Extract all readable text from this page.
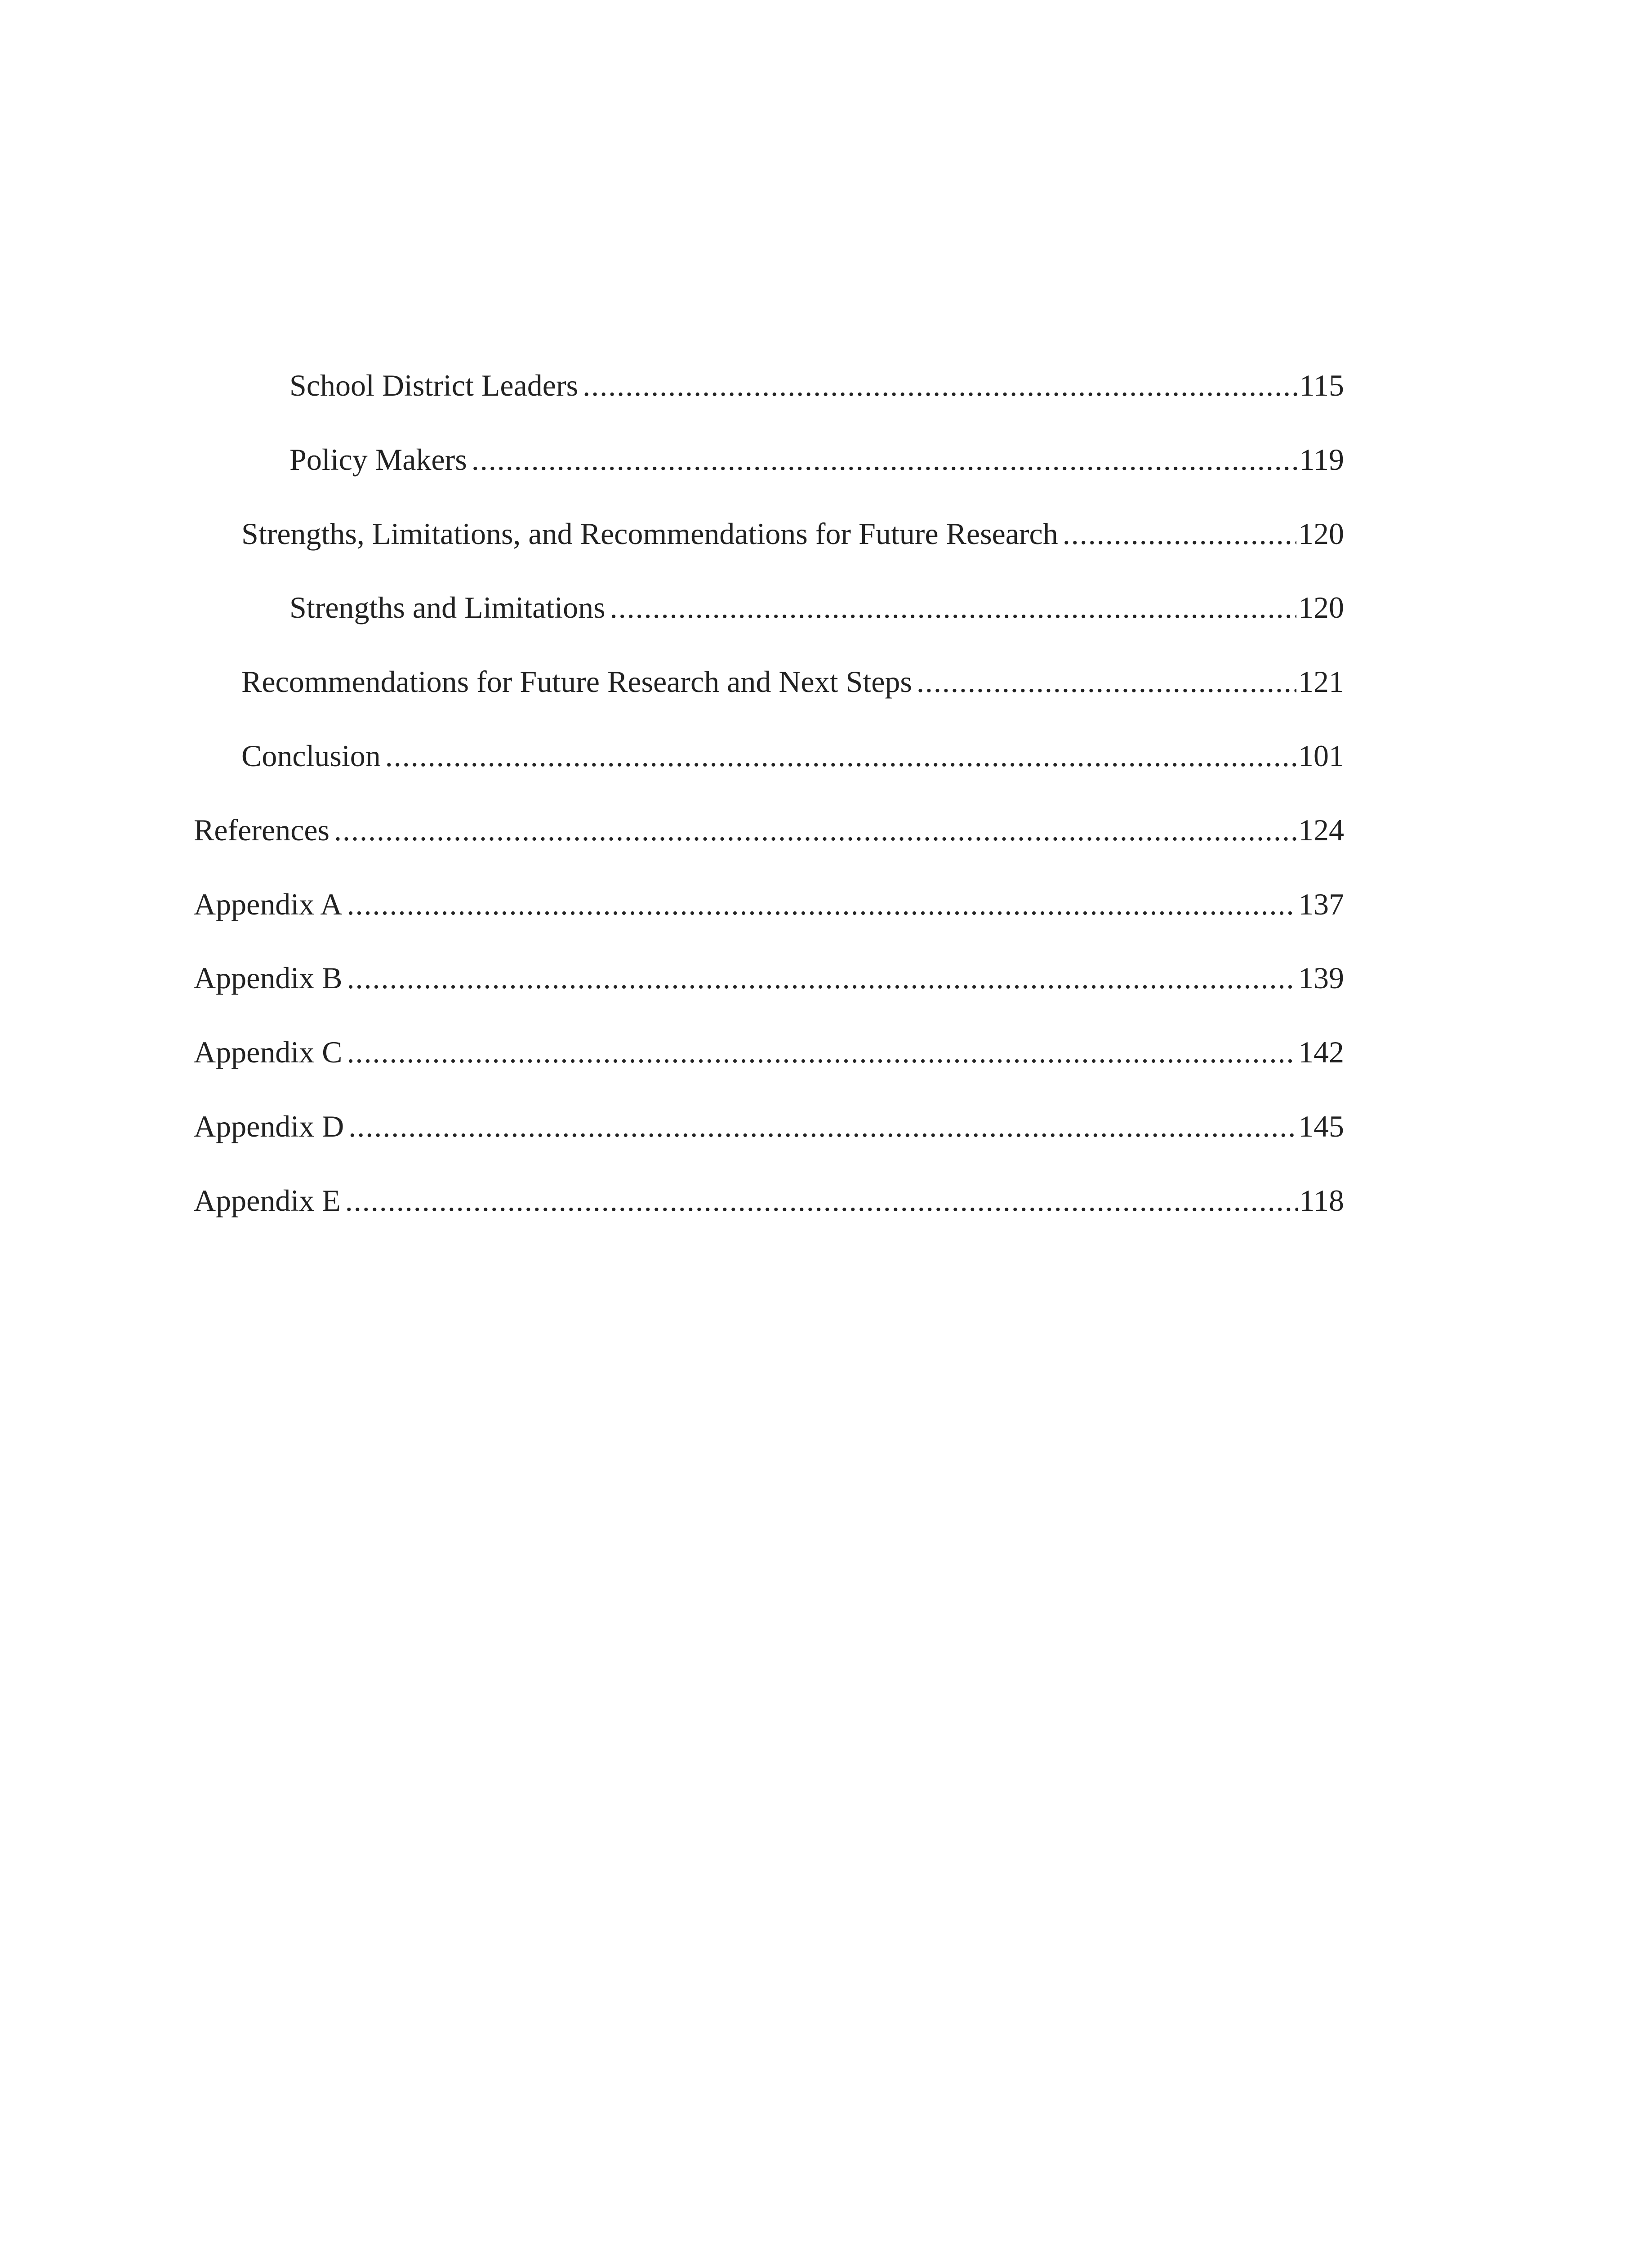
School District Leaders .....	115
Policy Makers .....	119
Strengths, Limitations, and Recommendations for Future Research .....	120
Strengths and Limitations .....	120
Recommendations for Future Research and Next Steps .....	121
Conclusion .....	101
References .....	124
Appendix A .....	137
Appendix B .....	139
Appendix C .....	142
Appendix D .....	145
Appendix E .....	118
